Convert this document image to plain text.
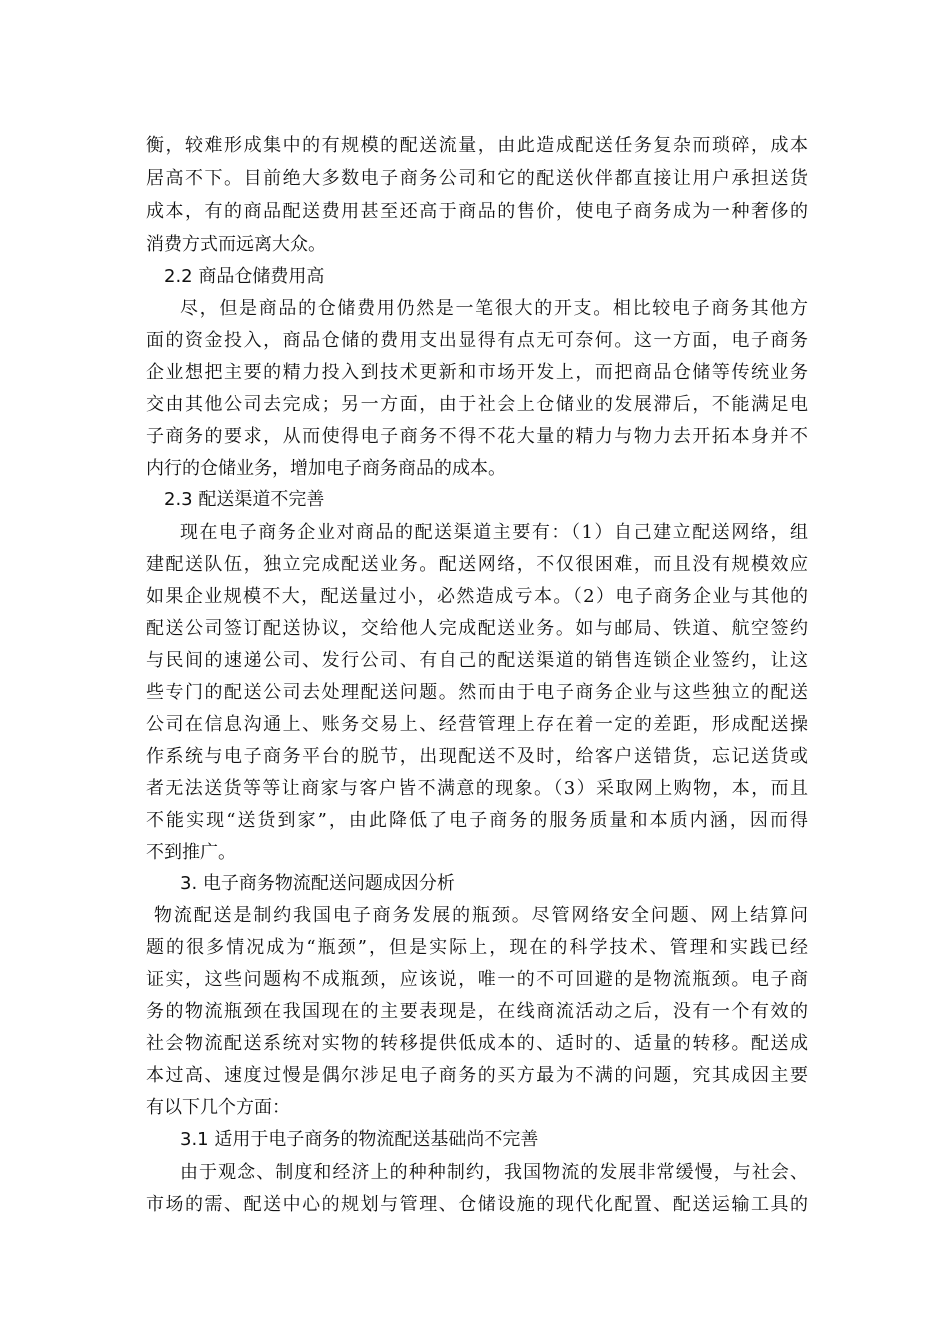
衡，较难形成集中的有规模的配送流量，由此造成配送任务复杂而琐碎，成本
居高不下。目前绝大多数电子商务公司和它的配送伙伴都直接让用户承担送货
成本，有的商品配送费用甚至还高于商品的售价，使电子商务成为一种奢侈的
消费方式而远离大众。
2.2 商品仓储费用高
尽，但是商品的仓储费用仍然是一笔很大的开支。相比较电子商务其他方
面的资金投入，商品仓储的费用支出显得有点无可奈何。这一方面，电子商务
企业想把主要的精力投入到技术更新和市场开发上，而把商品仓储等传统业务
交由其他公司去完成；另一方面，由于社会上仓储业的发展滞后，不能满足电
子商务的要求，从而使得电子商务不得不花大量的精力与物力去开拓本身并不
内行的仓储业务，增加电子商务商品的成本。
2.3 配送渠道不完善
现在电子商务企业对商品的配送渠道主要有：（1）自己建立配送网络，组
建配送队伍，独立完成配送业务。配送网络，不仅很困难，而且没有规模效应
如果企业规模不大，配送量过小，必然造成亏本。（2）电子商务企业与其他的
配送公司签订配送协议，交给他人完成配送业务。如与邮局、铁道、航空签约
与民间的速递公司、发行公司、有自己的配送渠道的销售连锁企业签约，让这
些专门的配送公司去处理配送问题。然而由于电子商务企业与这些独立的配送
公司在信息沟通上、账务交易上、经营管理上存在着一定的差距，形成配送操
作系统与电子商务平台的脱节，出现配送不及时，给客户送错货，忘记送货或
者无法送货等等让商家与客户皆不满意的现象。（3）采取网上购物，本，而且
不能实现“送货到家”，由此降低了电子商务的服务质量和本质内涵，因而得
不到推广。
3. 电子商务物流配送问题成因分析
物流配送是制约我国电子商务发展的瓶颈。尽管网络安全问题、网上结算问
题的很多情况成为“瓶颈”，但是实际上，现在的科学技术、管理和实践已经
证实，这些问题构不成瓶颈，应该说，唯一的不可回避的是物流瓶颈。电子商
务的物流瓶颈在我国现在的主要表现是，在线商流活动之后，没有一个有效的
社会物流配送系统对实物的转移提供低成本的、适时的、适量的转移。配送成
本过高、速度过慢是偶尔涉足电子商务的买方最为不满的问题，究其成因主要
有以下几个方面：
3.1 适用于电子商务的物流配送基础尚不完善
由于观念、制度和经济上的种种制约，我国物流的发展非常缓慢，与社会、
市场的需、配送中心的规划与管理、仓储设施的现代化配置、配送运输工具的
